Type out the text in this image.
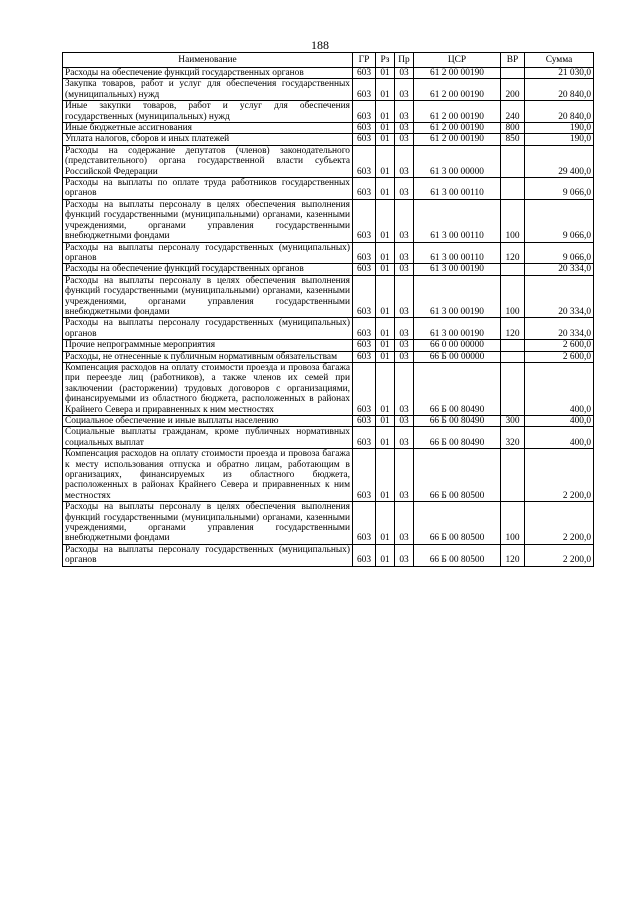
188
Наименование	ГР	Рз	Пр	ЦСР	ВР	Сумма
Расходы на обеспечение функций государственных органов	603	01	03	61 2 00 00190		21 030,0
Закупка товаров, работ и услуг для обеспечения государственных (муниципальных) нужд	603	01	03	61 2 00 00190	200	20 840,0
Иные закупки товаров, работ и услуг для обеспечения государственных (муниципальных) нужд	603	01	03	61 2 00 00190	240	20 840,0
Иные бюджетные ассигнования	603	01	03	61 2 00 00190	800	190,0
Уплата налогов, сборов и иных платежей	603	01	03	61 2 00 00190	850	190,0
Расходы на содержание депутатов (членов) законодательного (представительного) органа государственной власти субъекта Российской Федерации	603	01	03	61 3 00 00000		29 400,0
Расходы на выплаты по оплате труда работников государственных органов	603	01	03	61 3 00 00110		9 066,0
Расходы на выплаты персоналу в целях обеспечения выполнения функций государственными (муниципальными) органами, казенными учреждениями, органами управления государственными внебюджетными фондами	603	01	03	61 3 00 00110	100	9 066,0
Расходы на выплаты персоналу государственных (муниципальных) органов	603	01	03	61 3 00 00110	120	9 066,0
Расходы на обеспечение функций государственных органов	603	01	03	61 3 00 00190		20 334,0
Расходы на выплаты персоналу в целях обеспечения выполнения функций государственными (муниципальными) органами, казенными учреждениями, органами управления государственными внебюджетными фондами	603	01	03	61 3 00 00190	100	20 334,0
Расходы на выплаты персоналу государственных (муниципальных) органов	603	01	03	61 3 00 00190	120	20 334,0
Прочие непрограммные мероприятия	603	01	03	66 0 00 00000		2 600,0
Расходы, не отнесенные к публичным нормативным обязательствам	603	01	03	66 Б 00 00000		2 600,0
Компенсация расходов на оплату стоимости проезда и провоза багажа при переезде лиц (работников), а также членов их семей при заключении (расторжении) трудовых договоров с организациями, финансируемыми из областного бюджета, расположенных в районах Крайнего Севера и приравненных к ним местностях	603	01	03	66 Б 00 80490		400,0
Социальное обеспечение и иные выплаты населению	603	01	03	66 Б 00 80490	300	400,0
Социальные выплаты гражданам, кроме публичных нормативных социальных выплат	603	01	03	66 Б 00 80490	320	400,0
Компенсация расходов на оплату стоимости проезда и провоза багажа к месту использования отпуска и обратно лицам, работающим в организациях, финансируемых из областного бюджета, расположенных в районах Крайнего Севера и приравненных к ним местностях	603	01	03	66 Б 00 80500		2 200,0
Расходы на выплаты персоналу в целях обеспечения выполнения функций государственными (муниципальными) органами, казенными учреждениями, органами управления государственными внебюджетными фондами	603	01	03	66 Б 00 80500	100	2 200,0
Расходы на выплаты персоналу государственных (муниципальных) органов	603	01	03	66 Б 00 80500	120	2 200,0
